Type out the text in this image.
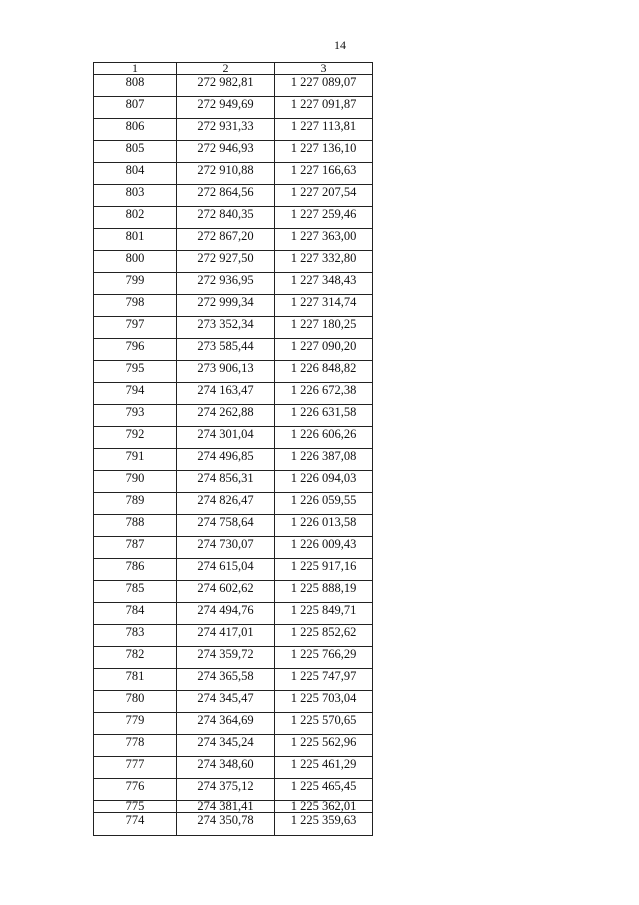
14
1	2	3
808	272 982,81	1 227 089,07
807	272 949,69	1 227 091,87
806	272 931,33	1 227 113,81
805	272 946,93	1 227 136,10
804	272 910,88	1 227 166,63
803	272 864,56	1 227 207,54
802	272 840,35	1 227 259,46
801	272 867,20	1 227 363,00
800	272 927,50	1 227 332,80
799	272 936,95	1 227 348,43
798	272 999,34	1 227 314,74
797	273 352,34	1 227 180,25
796	273 585,44	1 227 090,20
795	273 906,13	1 226 848,82
794	274 163,47	1 226 672,38
793	274 262,88	1 226 631,58
792	274 301,04	1 226 606,26
791	274 496,85	1 226 387,08
790	274 856,31	1 226 094,03
789	274 826,47	1 226 059,55
788	274 758,64	1 226 013,58
787	274 730,07	1 226 009,43
786	274 615,04	1 225 917,16
785	274 602,62	1 225 888,19
784	274 494,76	1 225 849,71
783	274 417,01	1 225 852,62
782	274 359,72	1 225 766,29
781	274 365,58	1 225 747,97
780	274 345,47	1 225 703,04
779	274 364,69	1 225 570,65
778	274 345,24	1 225 562,96
777	274 348,60	1 225 461,29
776	274 375,12	1 225 465,45
775	274 381,41	1 225 362,01
774	274 350,78	1 225 359,63
